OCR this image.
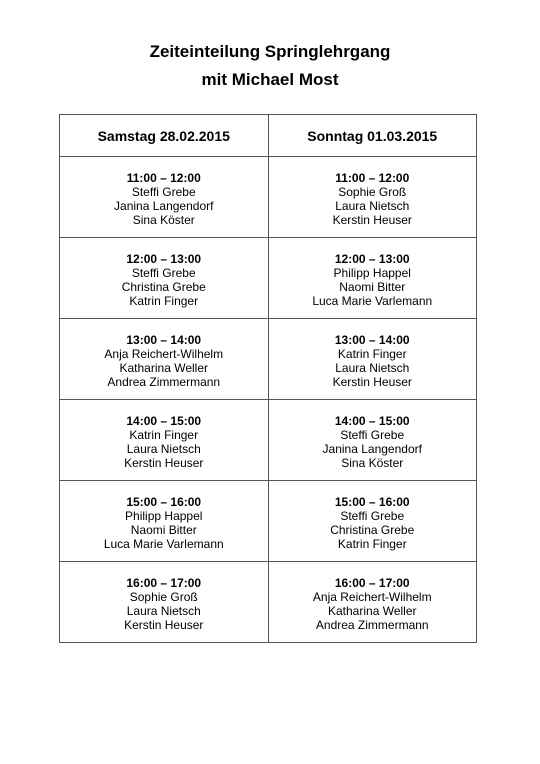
Zeiteinteilung Springlehrgang
mit Michael Most
Samstag 28.02.2015	Sonntag 01.03.2015

11:00 – 12:00
Steffi Grebe
Janina Langendorf
Sina Köster	11:00 – 12:00
Sophie Groß
Laura Nietsch
Kerstin Heuser

12:00 – 13:00
Steffi Grebe
Christina Grebe
Katrin Finger	12:00 – 13:00
Philipp Happel
Naomi Bitter
Luca Marie Varlemann

13:00 – 14:00
Anja Reichert-Wilhelm
Katharina Weller
Andrea Zimmermann	13:00 – 14:00
Katrin Finger
Laura Nietsch
Kerstin Heuser

14:00 – 15:00
Katrin Finger
Laura Nietsch
Kerstin Heuser	14:00 – 15:00
Steffi Grebe
Janina Langendorf
Sina Köster

15:00 – 16:00
Philipp Happel
Naomi Bitter
Luca Marie Varlemann	15:00 – 16:00
Steffi Grebe
Christina Grebe
Katrin Finger

16:00 – 17:00
Sophie Groß
Laura Nietsch
Kerstin Heuser	16:00 – 17:00
Anja Reichert-Wilhelm
Katharina Weller
Andrea Zimmermann
